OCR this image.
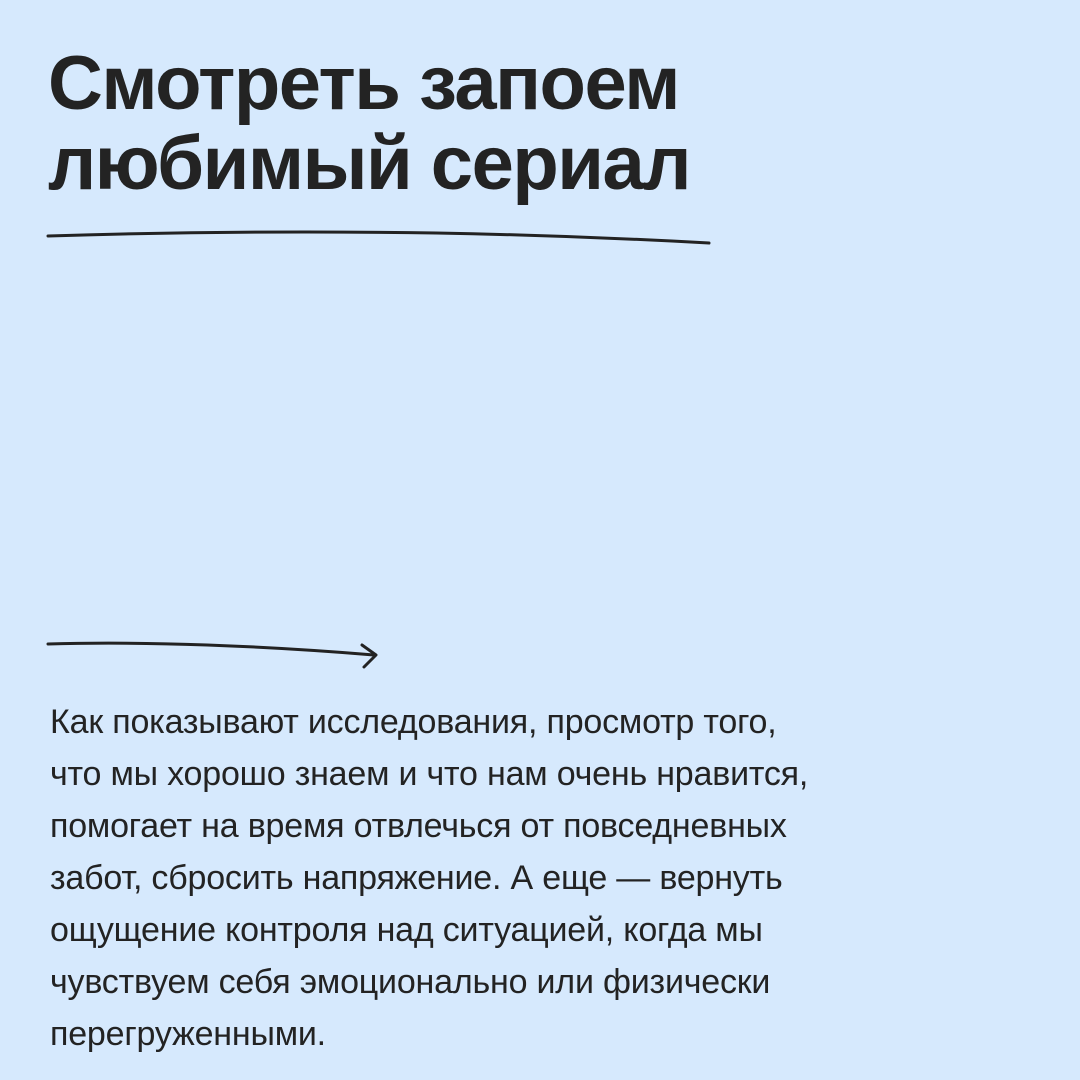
Смотреть запоем
любимый сериал

Как показывают исследования, просмотр того,
что мы хорошо знаем и что нам очень нравится,
помогает на время отвлечься от повседневных
забот, сбросить напряжение. А еще — вернуть
ощущение контроля над ситуацией, когда мы
чувствуем себя эмоционально или физически
перегруженными.
